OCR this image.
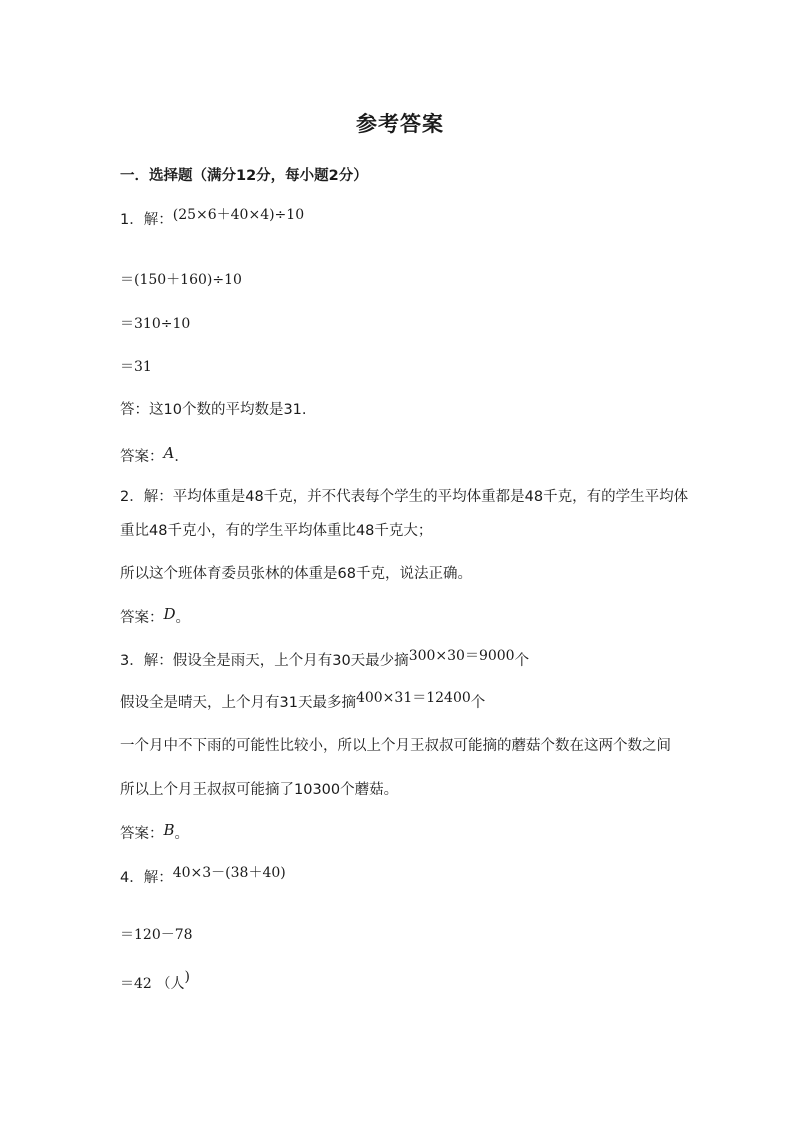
参考答案
一．选择题（满分12分，每小题2分）
1．解：(25×6＋40×4)÷10
＝(150＋160)÷10
＝310÷10
＝31
答：这10个数的平均数是31.
答案：A．
2．解：平均体重是48千克，并不代表每个学生的平均体重都是48千克，有的学生平均体
重比48千克小，有的学生平均体重比48千克大；
所以这个班体育委员张林的体重是68千克，说法正确。
答案：D。
3．解：假设全是雨天，上个月有30天最少摘300×30＝9000个
假设全是晴天，上个月有31天最多摘400×31＝12400个
一个月中不下雨的可能性比较小，所以上个月王叔叔可能摘的蘑菇个数在这两个数之间
所以上个月王叔叔可能摘了10300个蘑菇。
答案：B。
4．解：40×3－(38＋40)
＝120－78
＝42 （人)
